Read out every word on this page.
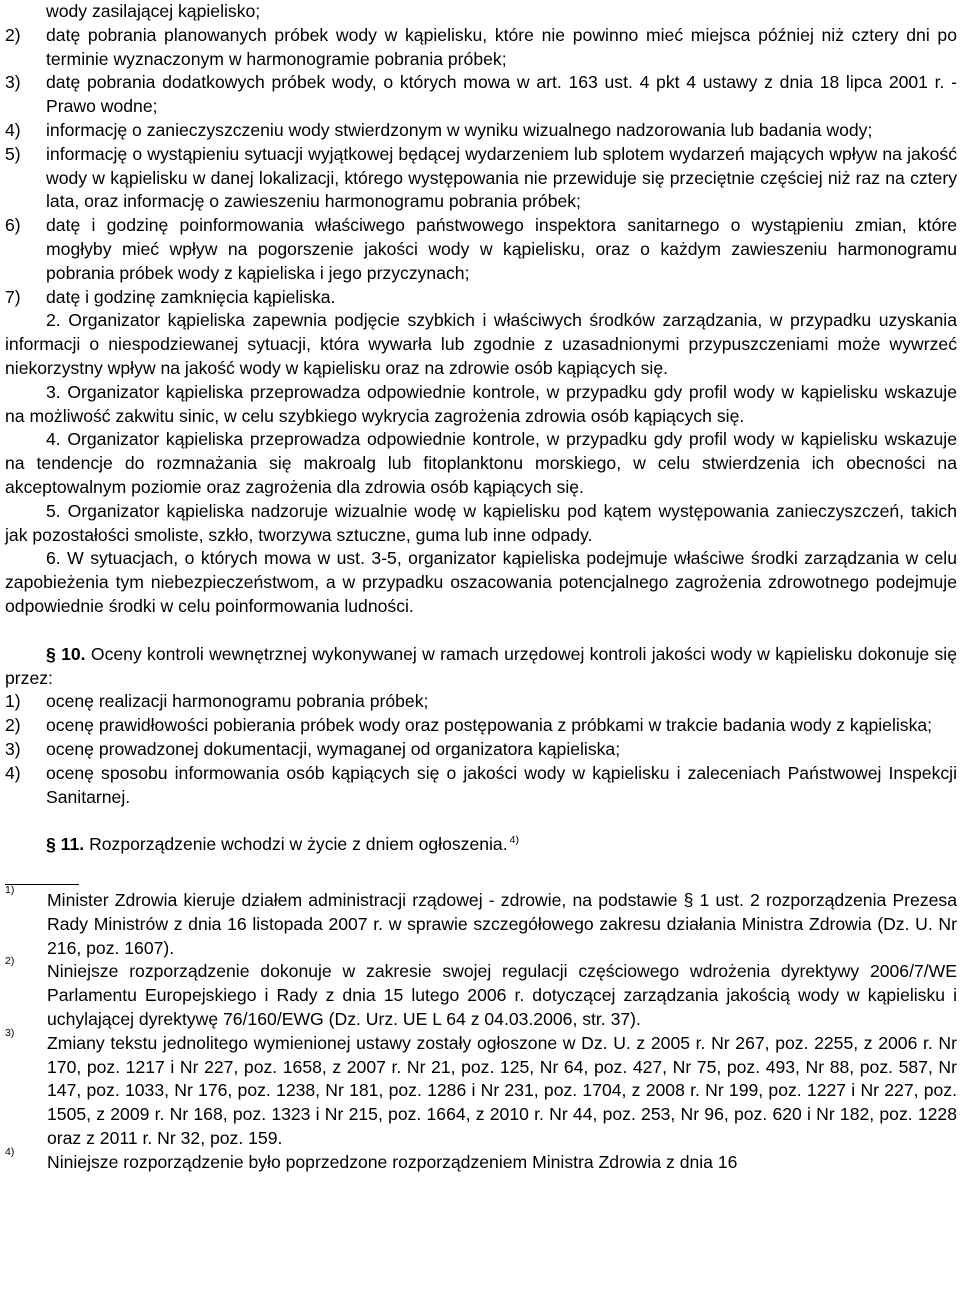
wody zasilającej kąpielisko;

2)	datę pobrania planowanych próbek wody w kąpielisku, które nie powinno mieć miejsca później niż cztery dni po terminie wyznaczonym w harmonogramie pobrania próbek;
3)	datę pobrania dodatkowych próbek wody, o których mowa w art. 163 ust. 4 pkt 4 ustawy z dnia 18 lipca 2001 r. - Prawo wodne;
4)	informację o zanieczyszczeniu wody stwierdzonym w wyniku wizualnego nadzorowania lub badania wody;
5)	informację o wystąpieniu sytuacji wyjątkowej będącej wydarzeniem lub splotem wydarzeń mających wpływ na jakość wody w kąpielisku w danej lokalizacji, którego występowania nie przewiduje się przeciętnie częściej niż raz na cztery lata, oraz informację o zawieszeniu harmonogramu pobrania próbek;
6)	datę i godzinę poinformowania właściwego państwowego inspektora sanitarnego o wystąpieniu zmian, które mogłyby mieć wpływ na pogorszenie jakości wody w kąpielisku, oraz o każdym zawieszeniu harmonogramu pobrania próbek wody z kąpieliska i jego przyczynach;
7)	datę i godzinę zamknięcia kąpieliska.

2. Organizator kąpieliska zapewnia podjęcie szybkich i właściwych środków zarządzania, w przypadku uzyskania informacji o niespodziewanej sytuacji, która wywarła lub zgodnie z uzasadnionymi przypuszczeniami może wywrzeć niekorzystny wpływ na jakość wody w kąpielisku oraz na zdrowie osób kąpiących się.

3. Organizator kąpieliska przeprowadza odpowiednie kontrole, w przypadku gdy profil wody w kąpielisku wskazuje na możliwość zakwitu sinic, w celu szybkiego wykrycia zagrożenia zdrowia osób kąpiących się.

4. Organizator kąpieliska przeprowadza odpowiednie kontrole, w przypadku gdy profil wody w kąpielisku wskazuje na tendencje do rozmnażania się makroalg lub fitoplanktonu morskiego, w celu stwierdzenia ich obecności na akceptowalnym poziomie oraz zagrożenia dla zdrowia osób kąpiących się.

5. Organizator kąpieliska nadzoruje wizualnie wodę w kąpielisku pod kątem występowania zanieczyszczeń, takich jak pozostałości smoliste, szkło, tworzywa sztuczne, guma lub inne odpady.

6. W sytuacjach, o których mowa w ust. 3-5, organizator kąpieliska podejmuje właściwe środki zarządzania w celu zapobieżenia tym niebezpieczeństwom, a w przypadku oszacowania potencjalnego zagrożenia zdrowotnego podejmuje odpowiednie środki w celu poinformowania ludności.

§ 10. Oceny kontroli wewnętrznej wykonywanej w ramach urzędowej kontroli jakości wody w kąpielisku dokonuje się przez:

1)	ocenę realizacji harmonogramu pobrania próbek;
2)	ocenę prawidłowości pobierania próbek wody oraz postępowania z próbkami w trakcie badania wody z kąpieliska;
3)	ocenę prowadzonej dokumentacji, wymaganej od organizatora kąpieliska;
4)	ocenę sposobu informowania osób kąpiących się o jakości wody w kąpielisku i zaleceniach Państwowej Inspekcji Sanitarnej.

§ 11. Rozporządzenie wchodzi w życie z dniem ogłoszenia. $^{4)}$

1) Minister Zdrowia kieruje działem administracji rządowej - zdrowie, na podstawie § 1 ust. 2 rozporządzenia Prezesa Rady Ministrów z dnia 16 listopada 2007 r. w sprawie szczegółowego zakresu działania Ministra Zdrowia (Dz. U. Nr 216, poz. 1607).
2) Niniejsze rozporządzenie dokonuje w zakresie swojej regulacji częściowego wdrożenia dyrektywy 2006/7/WE Parlamentu Europejskiego i Rady z dnia 15 lutego 2006 r. dotyczącej zarządzania jakością wody w kąpielisku i uchylającej dyrektywę 76/160/EWG (Dz. Urz. UE L 64 z 04.03.2006, str. 37).
3) Zmiany tekstu jednolitego wymienionej ustawy zostały ogłoszone w Dz. U. z 2005 r. Nr 267, poz. 2255, z 2006 r. Nr 170, poz. 1217 i Nr 227, poz. 1658, z 2007 r. Nr 21, poz. 125, Nr 64, poz. 427, Nr 75, poz. 493, Nr 88, poz. 587, Nr 147, poz. 1033, Nr 176, poz. 1238, Nr 181, poz. 1286 i Nr 231, poz. 1704, z 2008 r. Nr 199, poz. 1227 i Nr 227, poz. 1505, z 2009 r. Nr 168, poz. 1323 i Nr 215, poz. 1664, z 2010 r. Nr 44, poz. 253, Nr 96, poz. 620 i Nr 182, poz. 1228 oraz z 2011 r. Nr 32, poz. 159.
4) Niniejsze rozporządzenie było poprzedzone rozporządzeniem Ministra Zdrowia z dnia 16
